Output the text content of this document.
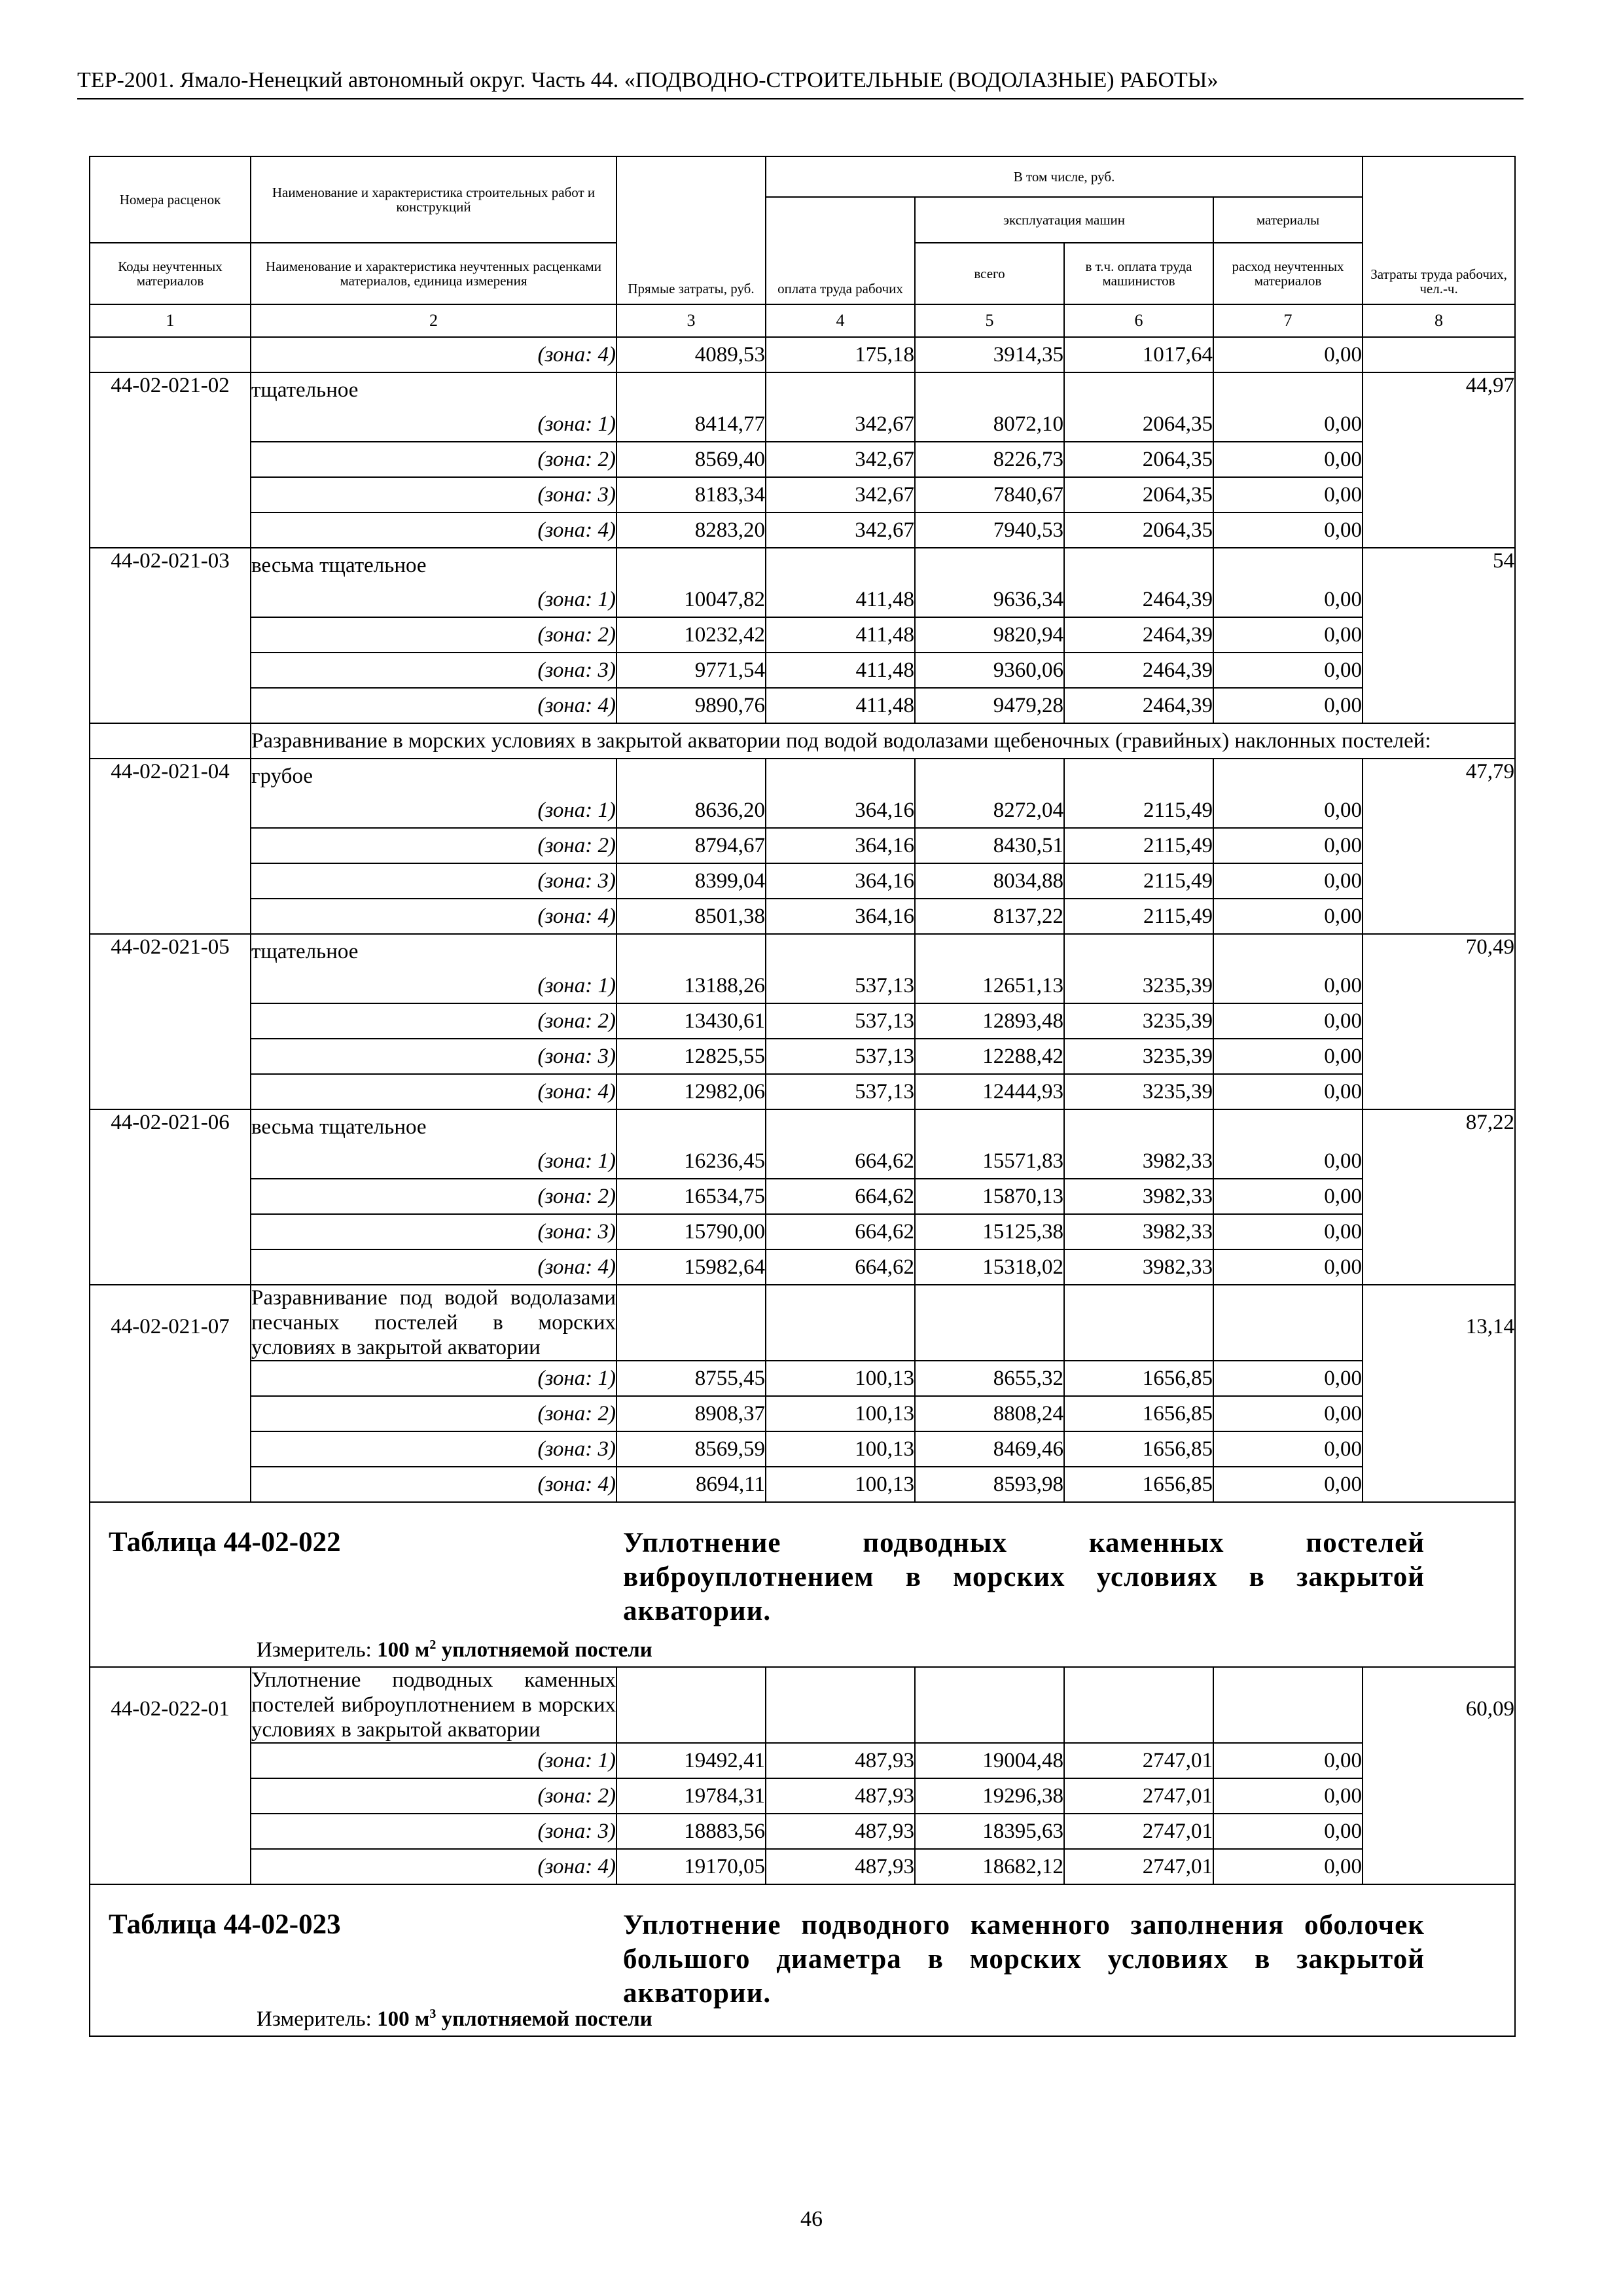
ТЕР-2001. Ямало-Ненецкий автономный округ. Часть 44. «ПОДВОДНО-СТРОИТЕЛЬНЫЕ (ВОДОЛАЗНЫЕ) РАБОТЫ»
Номера расценок	Наименование и характеристика строительных работ и конструкций	Прямые затраты, руб.	В том числе, руб.				Затраты труда рабочих, чел.-ч.
			оплата труда рабочих	эксплуатация машин		материалы	
Коды неучтенных материалов	Наименование и характеристика неучтенных расценками материалов, единица измерения			всего	в т.ч. оплата труда машинистов	расход неучтенных материалов	
1	2	3	4	5	6	7	8
	(зона: 4)	4089,53	175,18	3914,35	1017,64	0,00	
44-02-021-02	тщательное						44,97
	(зона: 1)	8414,77	342,67	8072,10	2064,35	0,00	
	(зона: 2)	8569,40	342,67	8226,73	2064,35	0,00	
	(зона: 3)	8183,34	342,67	7840,67	2064,35	0,00	
	(зона: 4)	8283,20	342,67	7940,53	2064,35	0,00	
44-02-021-03	весьма тщательное						54
	(зона: 1)	10047,82	411,48	9636,34	2464,39	0,00	
	(зона: 2)	10232,42	411,48	9820,94	2464,39	0,00	
	(зона: 3)	9771,54	411,48	9360,06	2464,39	0,00	
	(зона: 4)	9890,76	411,48	9479,28	2464,39	0,00	
	Разравнивание в морских условиях в закрытой акватории под водой водолазами щебеночных (гравийных) наклонных постелей:						
44-02-021-04	грубое						47,79
	(зона: 1)	8636,20	364,16	8272,04	2115,49	0,00	
	(зона: 2)	8794,67	364,16	8430,51	2115,49	0,00	
	(зона: 3)	8399,04	364,16	8034,88	2115,49	0,00	
	(зона: 4)	8501,38	364,16	8137,22	2115,49	0,00	
44-02-021-05	тщательное						70,49
	(зона: 1)	13188,26	537,13	12651,13	3235,39	0,00	
	(зона: 2)	13430,61	537,13	12893,48	3235,39	0,00	
	(зона: 3)	12825,55	537,13	12288,42	3235,39	0,00	
	(зона: 4)	12982,06	537,13	12444,93	3235,39	0,00	
44-02-021-06	весьма тщательное						87,22
	(зона: 1)	16236,45	664,62	15571,83	3982,33	0,00	
	(зона: 2)	16534,75	664,62	15870,13	3982,33	0,00	
	(зона: 3)	15790,00	664,62	15125,38	3982,33	0,00	
	(зона: 4)	15982,64	664,62	15318,02	3982,33	0,00	
44-02-021-07	Разравнивание под водой водолазами песчаных постелей в морских условиях в закрытой акватории						13,14
	(зона: 1)	8755,45	100,13	8655,32	1656,85	0,00	
	(зона: 2)	8908,37	100,13	8808,24	1656,85	0,00	
	(зона: 3)	8569,59	100,13	8469,46	1656,85	0,00	
	(зона: 4)	8694,11	100,13	8593,98	1656,85	0,00	

Таблица 44-02-022 Уплотнение подводных каменных постелей виброуплотнением в морских условиях в закрытой акватории.
Измеритель: 100 $м^2$ уплотняемой постели							

44-02-022-01	Уплотнение подводных каменных постелей виброуплотнением в морских условиях в закрытой акватории						60,09
	(зона: 1)	19492,41	487,93	19004,48	2747,01	0,00	
	(зона: 2)	19784,31	487,93	19296,38	2747,01	0,00	
	(зона: 3)	18883,56	487,93	18395,63	2747,01	0,00	
	(зона: 4)	19170,05	487,93	18682,12	2747,01	0,00	

Таблица 44-02-023 Уплотнение подводного каменного заполнения оболочек большого диаметра в морских условиях в закрытой акватории.
Измеритель: 100 $м^3$ уплотняемой постели							
46
